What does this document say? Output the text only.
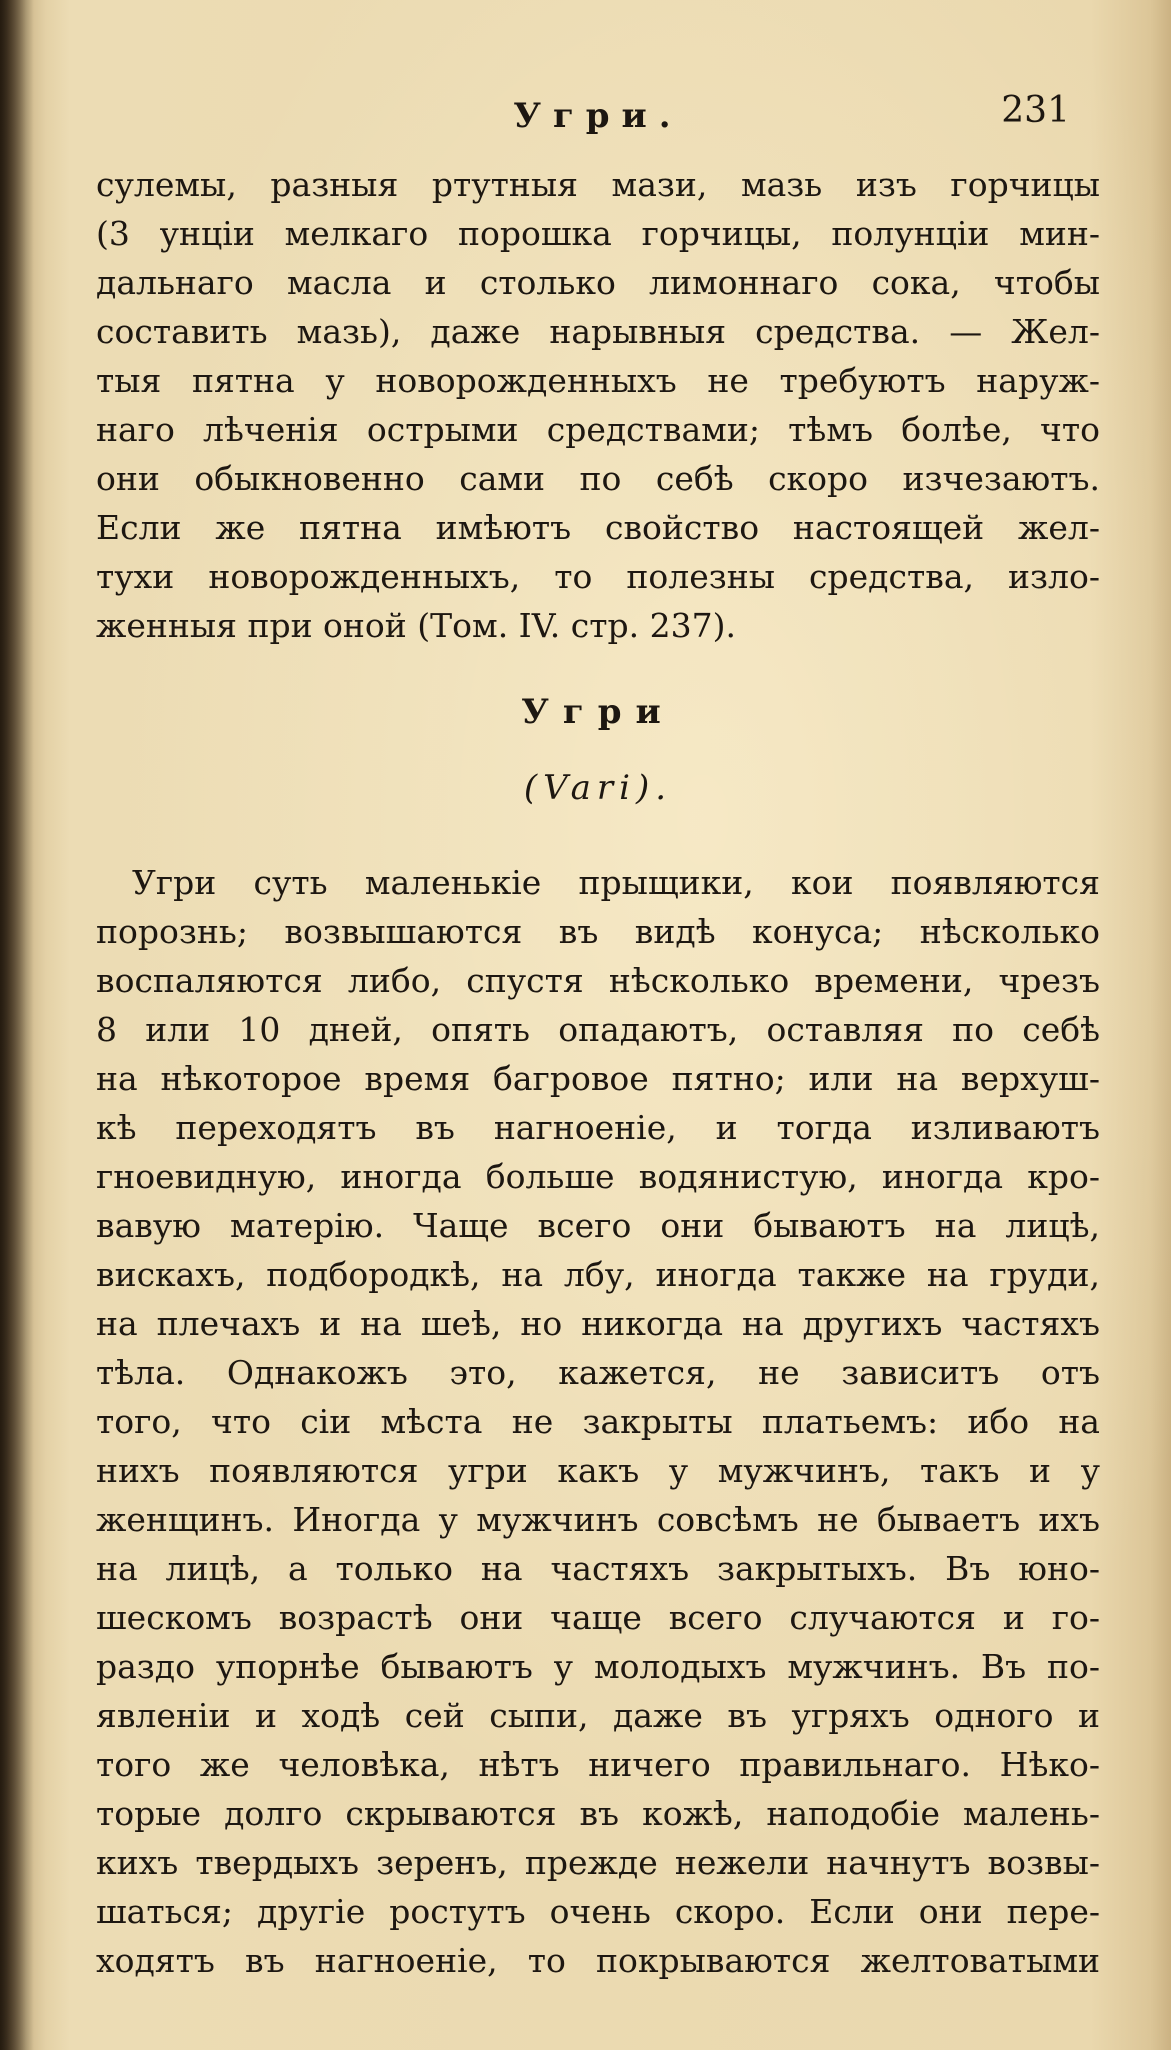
Угри.	231
сулемы, разныя ртутныя мази, мазь изъ горчицы
(3 унціи мелкаго порошка горчицы, полунціи мин-
дальнаго масла и столько лимоннаго сока, чтобы
составить мазь), даже нарывныя средства. — Жел-
тыя пятна у новорожденныхъ не требуютъ наруж-
наго лѣченія острыми средствами; тѣмъ болѣе, что
они обыкновенно сами по себѣ скоро изчезаютъ.
Если же пятна имѣютъ свойство настоящей жел-
тухи новорожденныхъ, то полезны средства, изло-
женныя при оной (Том. IV. стр. 237).
Угри
(Vari).
Угри суть маленькіе прыщики, кои появляются
порознь; возвышаются въ видѣ конуса; нѣсколько
воспаляются либо, спустя нѣсколько времени, чрезъ
8 или 10 дней, опять опадаютъ, оставляя по себѣ
на нѣкоторое время багровое пятно; или на верхуш-
кѣ переходятъ въ нагноеніе, и тогда изливаютъ
гноевидную, иногда больше водянистую, иногда кро-
вавую матерію. Чаще всего они бываютъ на лицѣ,
вискахъ, подбородкѣ, на лбу, иногда также на груди,
на плечахъ и на шеѣ, но никогда на другихъ частяхъ
тѣла. Однакожъ это, кажется, не зависитъ отъ
того, что сіи мѣста не закрыты платьемъ: ибо на
нихъ появляются угри какъ у мужчинъ, такъ и у
женщинъ. Иногда у мужчинъ совсѣмъ не бываетъ ихъ
на лицѣ, а только на частяхъ закрытыхъ. Въ юно-
шескомъ возрастѣ они чаще всего случаются и го-
раздо упорнѣе бываютъ у молодыхъ мужчинъ. Въ по-
явленіи и ходѣ сей сыпи, даже въ угряхъ одного и
того же человѣка, нѣтъ ничего правильнаго. Нѣко-
торые долго скрываются въ кожѣ, наподобіе малень-
кихъ твердыхъ зеренъ, прежде нежели начнутъ возвы-
шаться; другіе ростутъ очень скоро. Если они пере-
ходятъ въ нагноеніе, то покрываются желтоватыми
